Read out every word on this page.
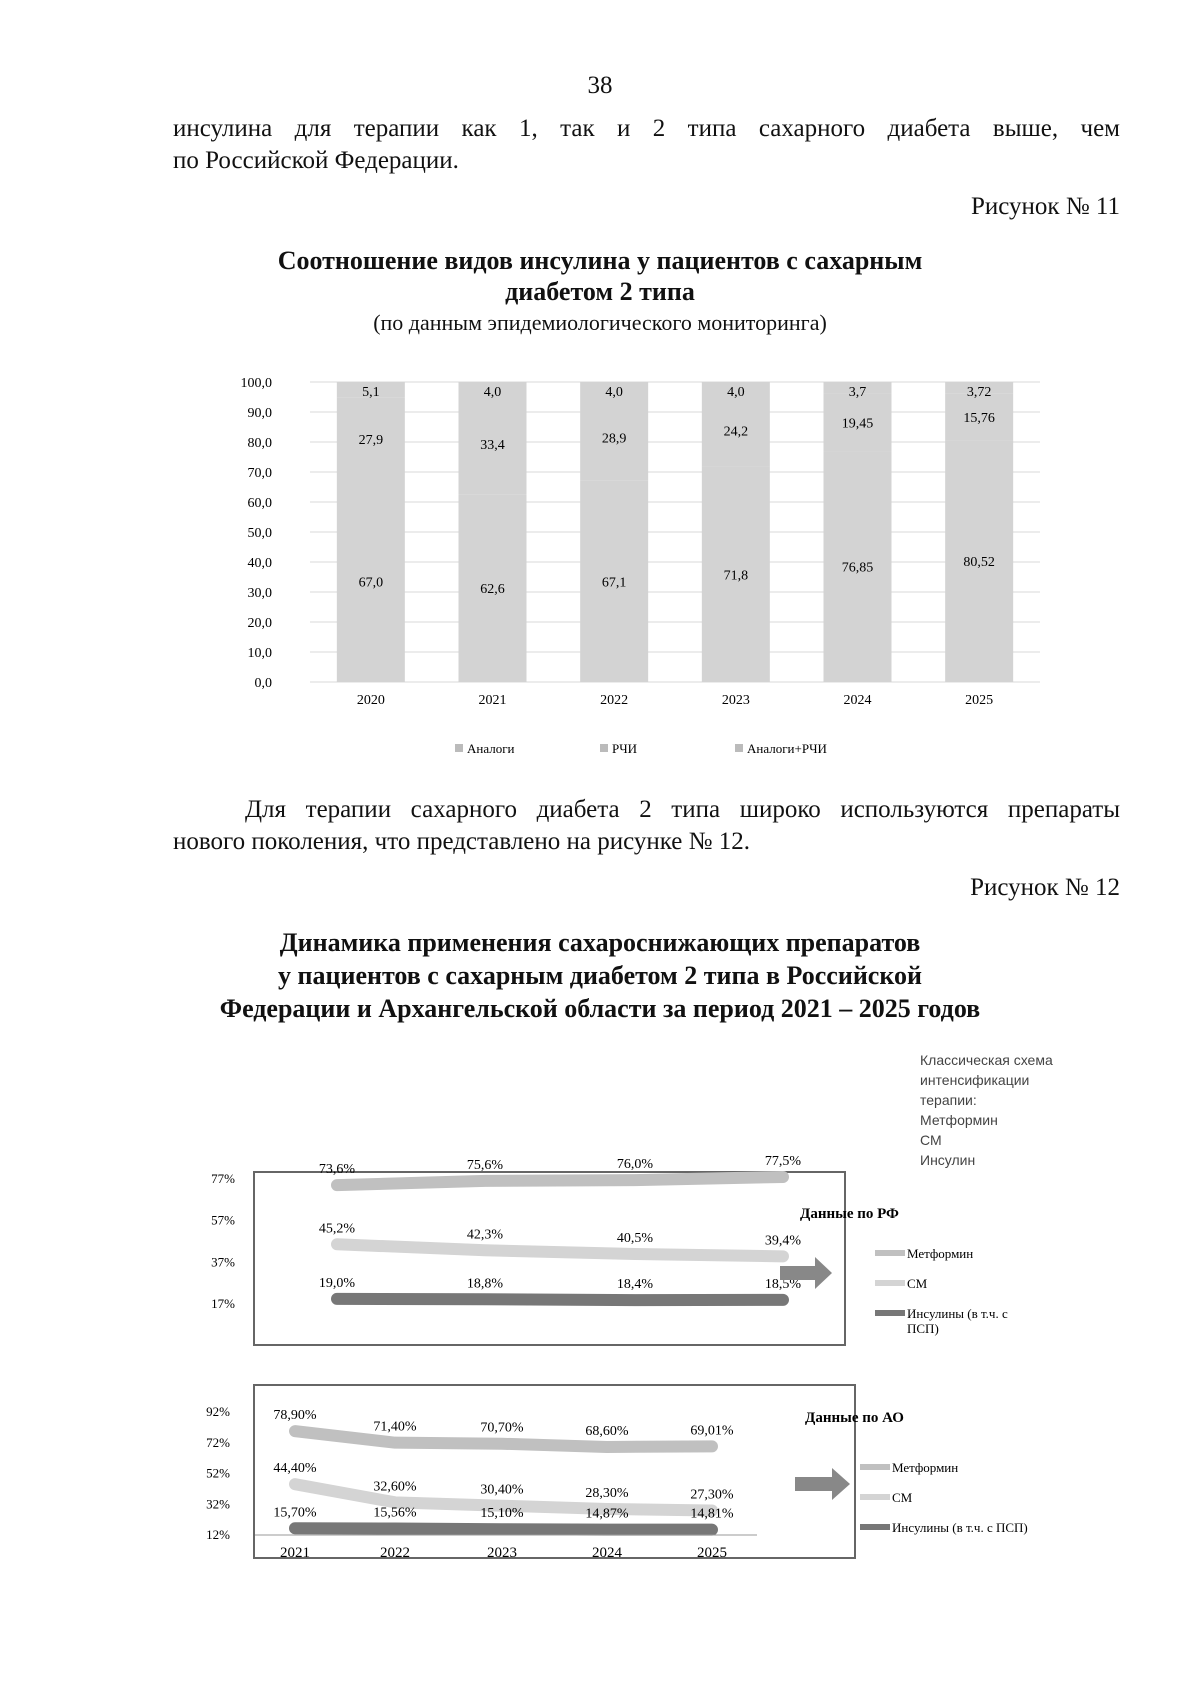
38
инсулина для терапии как 1, так и 2 типа сахарного диабета выше, чем
по Российской Федерации.
Рисунок № 11
Соотношение видов инсулина у пациентов с сахарным
диабетом 2 типа
(по данным эпидемиологического мониторинга)
0,0
10,0
20,0
30,0
40,0
50,0
60,0
70,0
80,0
90,0
100,0
67,0
27,9
5,1
2020
62,6
33,4
4,0
2021
67,1
28,9
4,0
2022
71,8
24,2
4,0
2023
76,85
19,45
3,7
2024
80,52
15,76
3,72
2025
Аналоги	РЧИ	Аналоги+РЧИ
Для терапии сахарного диабета 2 типа широко используются препараты
нового поколения, что представлено на рисунке № 12.
Рисунок № 12
Динамика применения сахароснижающих препаратов
у пациентов с сахарным диабетом 2 типа в Российской
Федерации и Архангельской области за период 2021 – 2025 годов
Классическая схема
интенсификации
терапии:
Метформин
СМ
Инсулин
77%
57%
37%
17%
73,6%	75,6%	76,0%	77,5%
45,2%	42,3%	40,5%	39,4%
19,0%	18,8%	18,4%	18,5%
Данные по РФ
Метформин
СМ
Инсулины (в т.ч. с
ПСП)
92%
72%
52%
32%
12%
78,90%
71,40%	70,70%	68,60%	69,01%
44,40%
32,60%	30,40%	28,30%	27,30%
15,70%	15,56%	15,10%	14,87%	14,81%
2021	2022	2023	2024	2025
Данные по АО
Метформин
СМ
Инсулины (в т.ч. с ПСП)
